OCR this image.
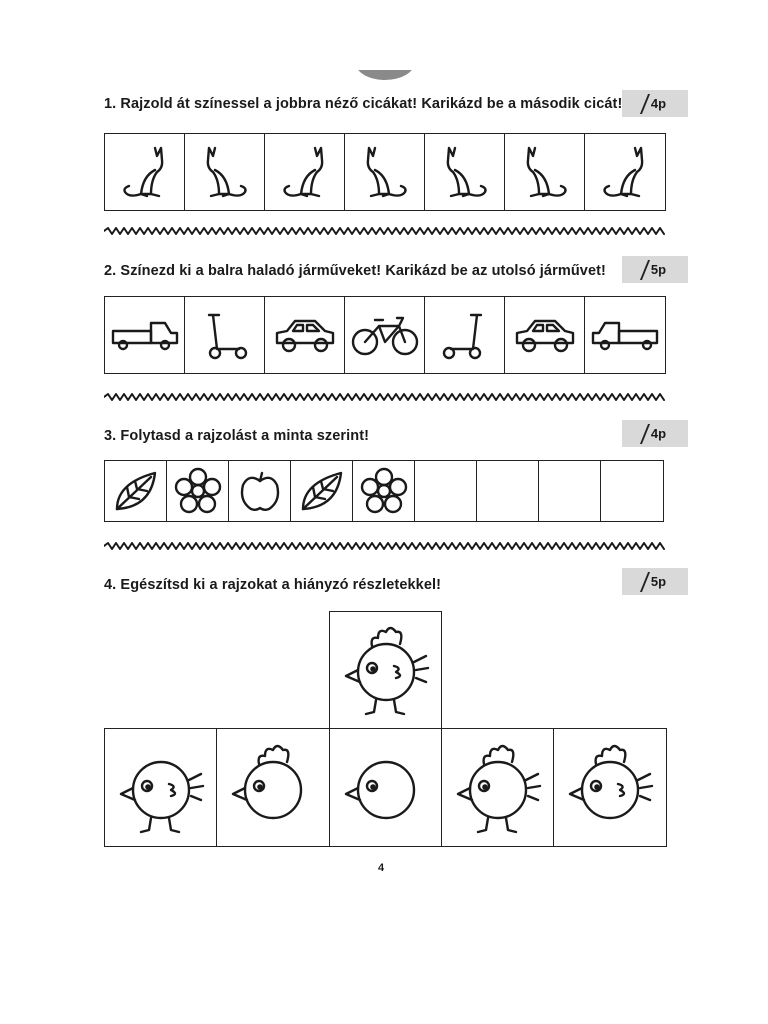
1. Rajzold át színessel a jobbra néző cicákat! Karikázd be a második cicát! 4p
2. Színezd ki a balra haladó járműveket! Karikázd be az utolsó járművet!	5p
3. Folytasd a rajzolást a minta szerint!	4p
4. Egészítsd ki a rajzokat a hiányzó részletekkel!	5p
4
